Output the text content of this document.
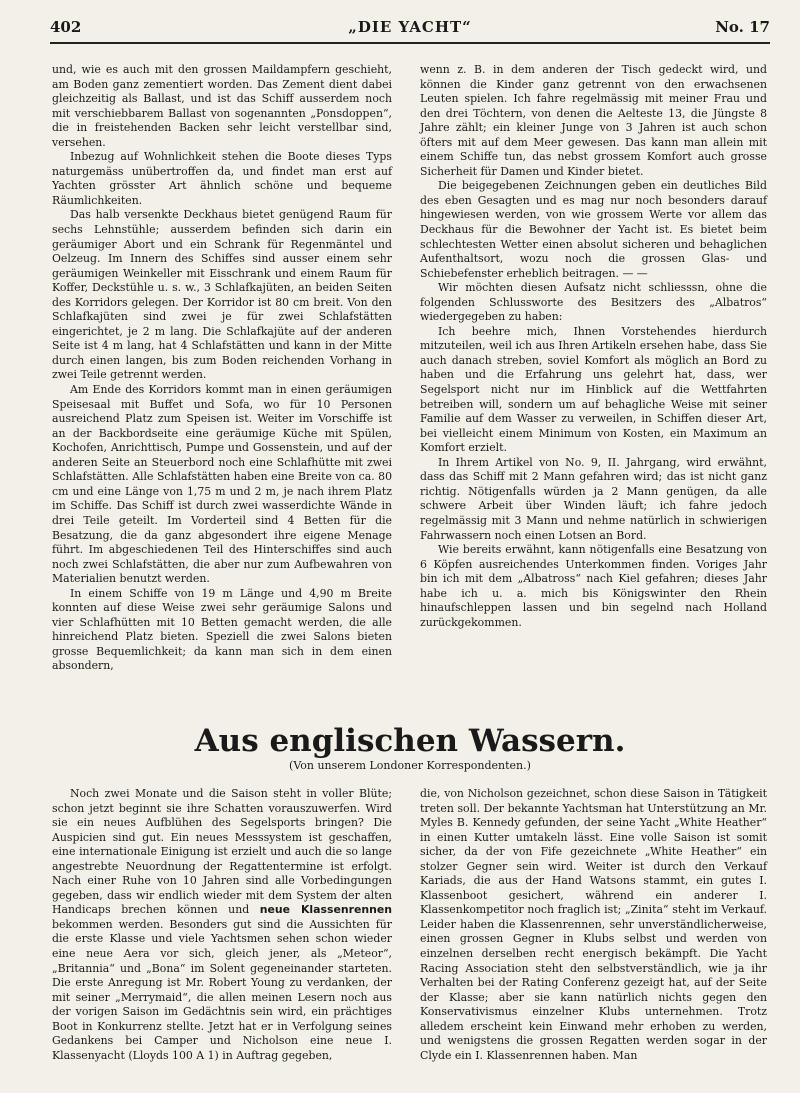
402	„DIE YACHT“	No. 17

und, wie es auch mit den grossen Maildampfern geschieht, am Boden ganz zementiert worden. Das Zement dient dabei gleichzeitig als Ballast, und ist das Schiff ausserdem noch mit verschiebbarem Ballast von sogenannten „Ponsdoppen“, die in freistehenden Backen sehr leicht verstellbar sind, versehen.

Inbezug auf Wohnlichkeit stehen die Boote dieses Typs naturgemäss unübertroffen da, und findet man erst auf Yachten grösster Art ähnlich schöne und bequeme Räumlichkeiten.

Das halb versenkte Deckhaus bietet genügend Raum für sechs Lehnstühle; ausserdem befinden sich darin ein geräumiger Abort und ein Schrank für Regenmäntel und Oelzeug. Im Innern des Schiffes sind ausser einem sehr geräumigen Weinkeller mit Eisschrank und einem Raum für Koffer, Deckstühle u. s. w., 3 Schlafkajüten, an beiden Seiten des Korridors gelegen. Der Korridor ist 80 cm breit. Von den Schlafkajüten sind zwei je für zwei Schlafstätten eingerichtet, je 2 m lang. Die Schlafkajüte auf der anderen Seite ist 4 m lang, hat 4 Schlafstätten und kann in der Mitte durch einen langen, bis zum Boden reichenden Vorhang in zwei Teile getrennt werden.

Am Ende des Korridors kommt man in einen geräumigen Speisesaal mit Buffet und Sofa, wo für 10 Personen ausreichend Platz zum Speisen ist. Weiter im Vorschiffe ist an der Backbordseite eine geräumige Küche mit Spülen, Kochofen, Anrichttisch, Pumpe und Gossenstein, und auf der anderen Seite an Steuerbord noch eine Schlafhütte mit zwei Schlafstätten. Alle Schlafstätten haben eine Breite von ca. 80 cm und eine Länge von 1,75 m und 2 m, je nach ihrem Platz im Schiffe. Das Schiff ist durch zwei wasserdichte Wände in drei Teile geteilt. Im Vorderteil sind 4 Betten für die Besatzung, die da ganz abgesondert ihre eigene Menage führt. Im abgeschiedenen Teil des Hinterschiffes sind auch noch zwei Schlafstätten, die aber nur zum Aufbewahren von Materialien benutzt werden.

In einem Schiffe von 19 m Länge und 4,90 m Breite konnten auf diese Weise zwei sehr geräumige Salons und vier Schlafhütten mit 10 Betten gemacht werden, die alle hinreichend Platz bieten. Speziell die zwei Salons bieten grosse Bequemlichkeit; da kann man sich in dem einen absondern,

wenn z. B. in dem anderen der Tisch gedeckt wird, und können die Kinder ganz getrennt von den erwachsenen Leuten spielen. Ich fahre regelmässig mit meiner Frau und den drei Töchtern, von denen die Aelteste 13, die Jüngste 8 Jahre zählt; ein kleiner Junge von 3 Jahren ist auch schon öfters mit auf dem Meer gewesen. Das kann man allein mit einem Schiffe tun, das nebst grossem Komfort auch grosse Sicherheit für Damen und Kinder bietet.

Die beigegebenen Zeichnungen geben ein deutliches Bild des eben Gesagten und es mag nur noch besonders darauf hingewiesen werden, von wie grossem Werte vor allem das Deckhaus für die Bewohner der Yacht ist. Es bietet beim schlechtesten Wetter einen absolut sicheren und behaglichen Aufenthaltsort, wozu noch die grossen Glas- und Schiebefenster erheblich beitragen. — —

Wir möchten diesen Aufsatz nicht schliesssn, ohne die folgenden Schlussworte des Besitzers des „Albatros“ wiedergegeben zu haben:

Ich beehre mich, Ihnen Vorstehendes hierdurch mitzuteilen, weil ich aus Ihren Artikeln ersehen habe, dass Sie auch danach streben, soviel Komfort als möglich an Bord zu haben und die Erfahrung uns gelehrt hat, dass, wer Segelsport nicht nur im Hinblick auf die Wettfahrten betreiben will, sondern um auf behagliche Weise mit seiner Familie auf dem Wasser zu verweilen, in Schiffen dieser Art, bei vielleicht einem Minimum von Kosten, ein Maximum an Komfort erzielt.

In Ihrem Artikel von No. 9, II. Jahrgang, wird erwähnt, dass das Schiff mit 2 Mann gefahren wird; das ist nicht ganz richtig. Nötigenfalls würden ja 2 Mann genügen, da alle schwere Arbeit über Winden läuft; ich fahre jedoch regelmässig mit 3 Mann und nehme natürlich in schwierigen Fahrwassern noch einen Lotsen an Bord.

Wie bereits erwähnt, kann nötigenfalls eine Besatzung von 6 Köpfen ausreichendes Unterkommen finden. Voriges Jahr bin ich mit dem „Albatross“ nach Kiel gefahren; dieses Jahr habe ich u. a. mich bis Königswinter den Rhein hinaufschleppen lassen und bin segelnd nach Holland zurückgekommen.

Aus englischen Wassern.
(Von unserem Londoner Korrespondenten.)

Noch zwei Monate und die Saison steht in voller Blüte; schon jetzt beginnt sie ihre Schatten vorauszuwerfen. Wird sie ein neues Aufblühen des Segelsports bringen? Die Auspicien sind gut. Ein neues Messsystem ist geschaffen, eine internationale Einigung ist erzielt und auch die so lange angestrebte Neuordnung der Regattentermine ist erfolgt. Nach einer Ruhe von 10 Jahren sind alle Vorbedingungen gegeben, dass wir endlich wieder mit dem System der alten Handicaps brechen können und neue Klassenrennen bekommen werden. Besonders gut sind die Aussichten für die erste Klasse und viele Yachtsmen sehen schon wieder eine neue Aera vor sich, gleich jener, als „Meteor“, „Britannia“ und „Bona“ im Solent gegeneinander starteten. Die erste Anregung ist Mr. Robert Young zu verdanken, der mit seiner „Merrymaid“, die allen meinen Lesern noch aus der vorigen Saison im Gedächtnis sein wird, ein prächtiges Boot in Konkurrenz stellte. Jetzt hat er in Verfolgung seines Gedankens bei Camper und Nicholson eine neue I. Klassenyacht (Lloyds 100 A 1) in Auftrag gegeben,

die, von Nicholson gezeichnet, schon diese Saison in Tätigkeit treten soll. Der bekannte Yachtsman hat Unterstützung an Mr. Myles B. Kennedy gefunden, der seine Yacht „White Heather“ in einen Kutter umtakeln lässt. Eine volle Saison ist somit sicher, da der von Fife gezeichnete „White Heather“ ein stolzer Gegner sein wird. Weiter ist durch den Verkauf Kariads, die aus der Hand Watsons stammt, ein gutes I. Klassenboot gesichert, während ein anderer I. Klassenkompetitor noch fraglich ist; „Zinita“ steht im Verkauf. Leider haben die Klassenrennen, sehr unverständlicherweise, einen grossen Gegner in Klubs selbst und werden von einzelnen derselben recht energisch bekämpft. Die Yacht Racing Association steht den selbstverständlich, wie ja ihr Verhalten bei der Rating Conferenz gezeigt hat, auf der Seite der Klasse; aber sie kann natürlich nichts gegen den Konservativismus einzelner Klubs unternehmen. Trotz alledem erscheint kein Einwand mehr erhoben zu werden, und wenigstens die grossen Regatten werden sogar in der Clyde ein I. Klassenrennen haben. Man
